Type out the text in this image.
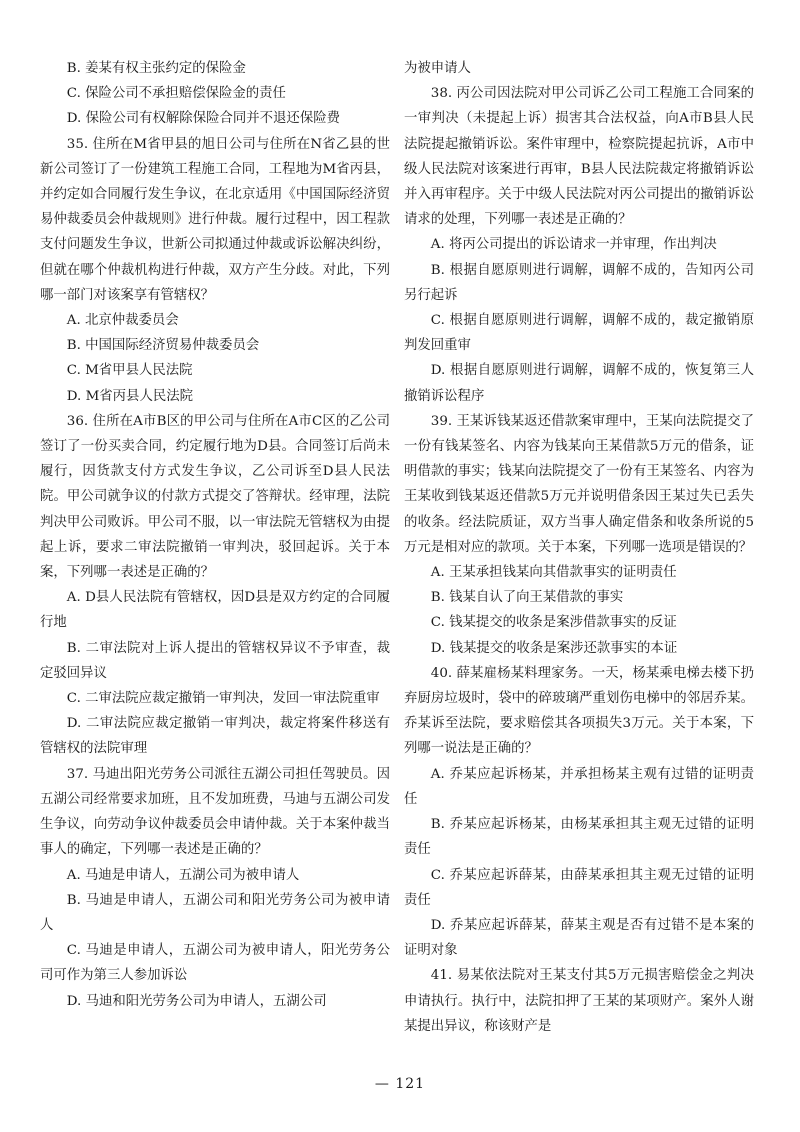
B. 姜某有权主张约定的保险金

C. 保险公司不承担赔偿保险金的责任

D. 保险公司有权解除保险合同并不退还保险费

35. 住所在M省甲县的旭日公司与住所在N省乙县的世新公司签订了一份建筑工程施工合同，工程地为M省丙县，并约定如合同履行发生争议，在北京适用《中国国际经济贸易仲裁委员会仲裁规则》进行仲裁。履行过程中，因工程款支付问题发生争议，世新公司拟通过仲裁或诉讼解决纠纷，但就在哪个仲裁机构进行仲裁，双方产生分歧。对此，下列哪一部门对该案享有管辖权？

A. 北京仲裁委员会

B. 中国国际经济贸易仲裁委员会

C. M省甲县人民法院

D. M省丙县人民法院

36. 住所在A市B区的甲公司与住所在A市C区的乙公司签订了一份买卖合同，约定履行地为D县。合同签订后尚未履行，因货款支付方式发生争议，乙公司诉至D县人民法院。甲公司就争议的付款方式提交了答辩状。经审理，法院判决甲公司败诉。甲公司不服，以一审法院无管辖权为由提起上诉，要求二审法院撤销一审判决，驳回起诉。关于本案，下列哪一表述是正确的？

A. D县人民法院有管辖权，因D县是双方约定的合同履行地

B. 二审法院对上诉人提出的管辖权异议不予审查，裁定驳回异议

C. 二审法院应裁定撤销一审判决，发回一审法院重审

D. 二审法院应裁定撤销一审判决，裁定将案件移送有管辖权的法院审理

37. 马迪出阳光劳务公司派往五湖公司担任驾驶员。因五湖公司经常要求加班，且不发加班费，马迪与五湖公司发生争议，向劳动争议仲裁委员会申请仲裁。关于本案仲裁当事人的确定，下列哪一表述是正确的？

A. 马迪是申请人，五湖公司为被申请人

B. 马迪是申请人，五湖公司和阳光劳务公司为被申请人

C. 马迪是申请人，五湖公司为被申请人，阳光劳务公司可作为第三人参加诉讼

D. 马迪和阳光劳务公司为申请人，五湖公司

为被申请人

38. 丙公司因法院对甲公司诉乙公司工程施工合同案的一审判决（未提起上诉）损害其合法权益，向A市B县人民法院提起撤销诉讼。案件审理中，检察院提起抗诉，A市中级人民法院对该案进行再审，B县人民法院裁定将撤销诉讼并入再审程序。关于中级人民法院对丙公司提出的撤销诉讼请求的处理，下列哪一表述是正确的？

A. 将丙公司提出的诉讼请求一并审理，作出判决

B. 根据自愿原则进行调解，调解不成的，告知丙公司另行起诉

C. 根据自愿原则进行调解，调解不成的，裁定撤销原判发回重审

D. 根据自愿原则进行调解，调解不成的，恢复第三人撤销诉讼程序

39. 王某诉钱某返还借款案审理中，王某向法院提交了一份有钱某签名、内容为钱某向王某借款5万元的借条，证明借款的事实；钱某向法院提交了一份有王某签名、内容为王某收到钱某返还借款5万元并说明借条因王某过失已丢失的收条。经法院质证，双方当事人确定借条和收条所说的5万元是相对应的款项。关于本案，下列哪一选项是错误的？

A. 王某承担钱某向其借款事实的证明责任

B. 钱某自认了向王某借款的事实

C. 钱某提交的收条是案涉借款事实的反证

D. 钱某提交的收条是案涉还款事实的本证

40. 薛某雇杨某料理家务。一天，杨某乘电梯去楼下扔弃厨房垃圾时，袋中的碎玻璃严重划伤电梯中的邻居乔某。乔某诉至法院，要求赔偿其各项损失3万元。关于本案，下列哪一说法是正确的？

A. 乔某应起诉杨某，并承担杨某主观有过错的证明责任

B. 乔某应起诉杨某，由杨某承担其主观无过错的证明责任

C. 乔某应起诉薛某，由薛某承担其主观无过错的证明责任

D. 乔某应起诉薛某，薛某主观是否有过错不是本案的证明对象

41. 易某依法院对王某支付其5万元损害赔偿金之判决申请执行。执行中，法院扣押了王某的某项财产。案外人谢某提出异议，称该财产是

— 121
